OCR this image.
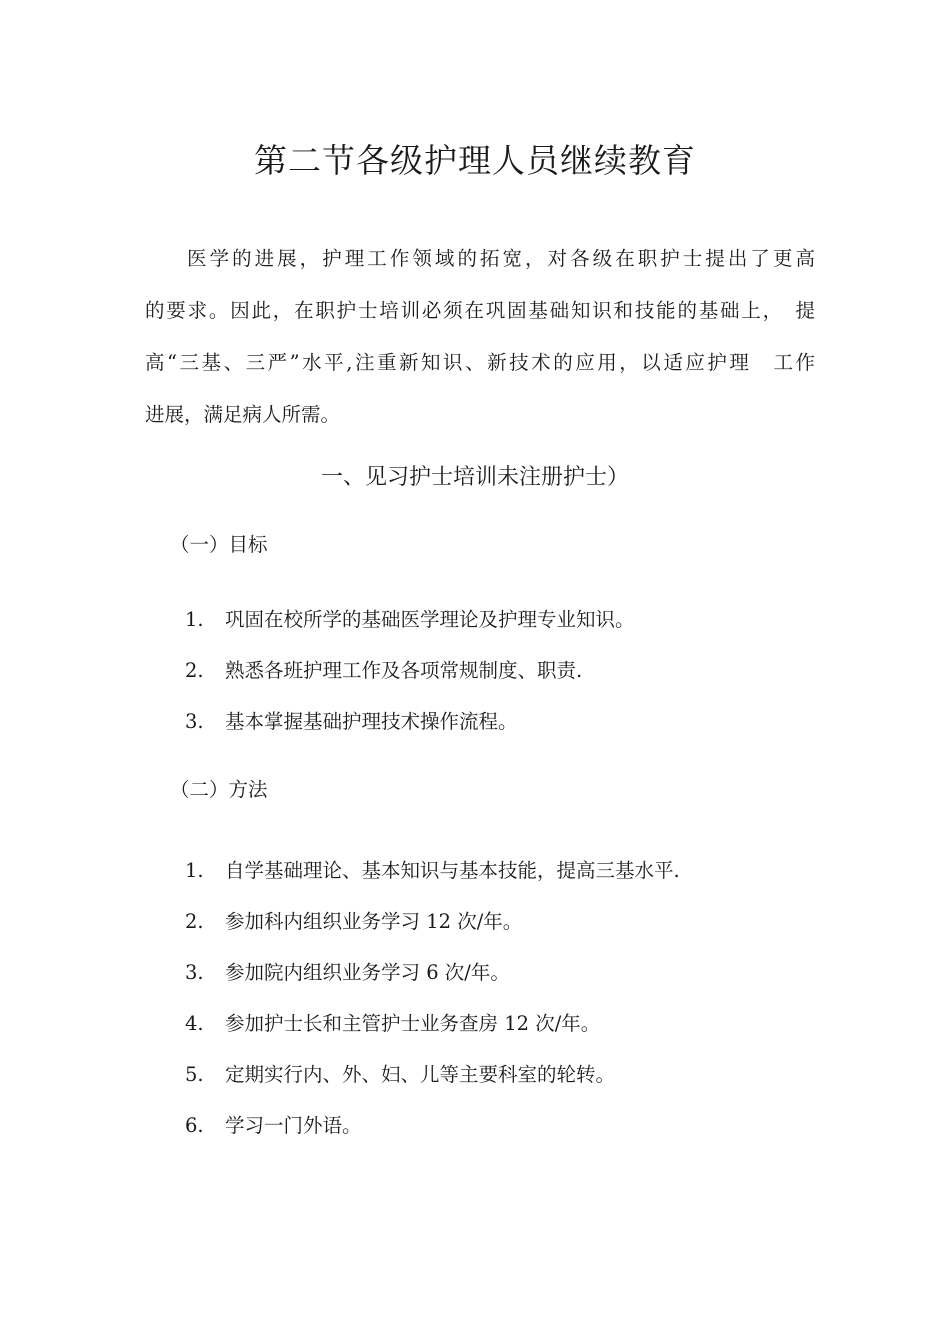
第二节各级护理人员继续教育

医学的进展，护理工作领域的拓宽，对各级在职护士提出了更高
的要求。因此，在职护士培训必须在巩固基础知识和技能的基础上，　提
高“三基、三严”水平,注重新知识、新技术的应用，以适应护理　工作
进展，满足病人所需。

一、见习护士培训未注册护士）
（一）目标
1. 巩固在校所学的基础医学理论及护理专业知识。
2. 熟悉各班护理工作及各项常规制度、职责.
3. 基本掌握基础护理技术操作流程。
（二）方法
1. 自学基础理论、基本知识与基本技能，提高三基水平.
2. 参加科内组织业务学习 12 次/年。
3. 参加院内组织业务学习 6 次/年。
4. 参加护士长和主管护士业务查房 12 次/年。
5. 定期实行内、外、妇、儿等主要科室的轮转。
6. 学习一门外语。
